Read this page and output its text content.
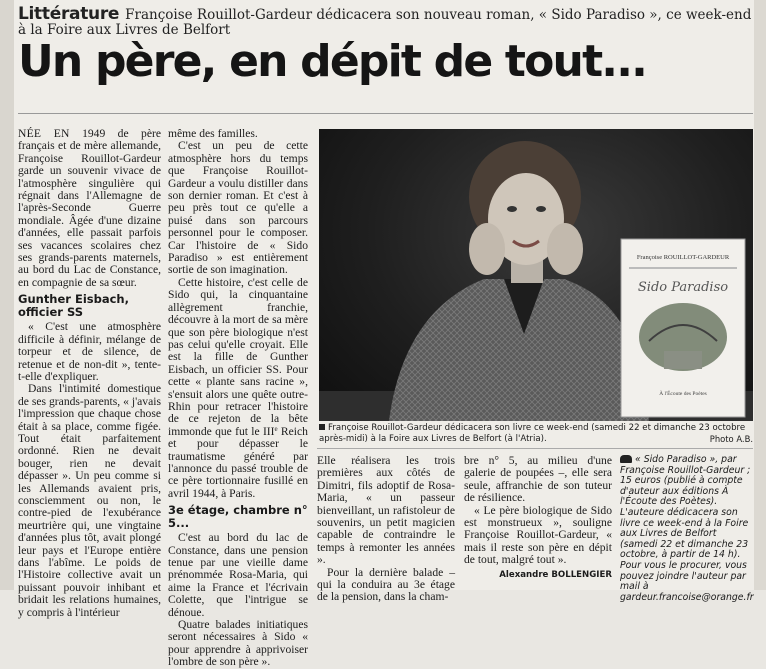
Littérature Françoise Rouillot-Gardeur dédicacera son nouveau roman, « Sido Paradiso », ce week-end
à la Foire aux Livres de Belfort
Un père, en dépit de tout...

NÉE EN 1949 de père français et de mère allemande, Françoise Rouillot-Gardeur garde un souvenir vivace de l'atmosphère singulière qui régnait dans l'Allemagne de l'après-Seconde Guerre mondiale. Âgée d'une dizaine d'années, elle passait parfois ses vacances scolaires chez ses grands-parents maternels, au bord du Lac de Constance, en compagnie de sa sœur.

Gunther Eisbach, officier SS

« C'est une atmosphère difficile à définir, mélange de torpeur et de silence, de retenue et de non-dit », tente-t-elle d'expliquer.

Dans l'intimité domestique de ses grands-parents, « j'avais l'impression que chaque chose était à sa place, comme figée. Tout était parfaitement ordonné. Rien ne devait bouger, rien ne devait dépasser ». Un peu comme si les Allemands avaient pris, consciemment ou non, le contre-pied de l'exubérance meurtrière qui, une vingtaine d'années plus tôt, avait plongé leur pays et l'Europe entière dans l'abîme. Le poids de l'Histoire collective avait un puissant pouvoir inhibant et bridait les relations humaines, y compris à l'intérieur

même des familles.

C'est un peu de cette atmosphère hors du temps que Françoise Rouillot-Gardeur a voulu distiller dans son dernier roman. Et c'est à peu près tout ce qu'elle a puisé dans son parcours personnel pour le composer. Car l'histoire de « Sido Paradiso » est entièrement sortie de son imagination.

Cette histoire, c'est celle de Sido qui, la cinquantaine allègrement franchie, découvre à la mort de sa mère que son père biologique n'est pas celui qu'elle croyait. Elle est la fille de Gunther Eisbach, un officier SS. Pour cette « plante sans racine », s'ensuit alors une quête outre-Rhin pour retracer l'histoire de ce rejeton de la bête immonde que fut le IIIe Reich et pour dépasser le traumatisme généré par l'annonce du passé trouble de ce père tortionnaire fusillé en avril 1944, à Paris.

3e étage, chambre n° 5...

C'est au bord du lac de Constance, dans une pension tenue par une vieille dame prénommée Rosa-Maria, qui aime la France et l'écrivain Colette, que l'intrigue se dénoue.

Quatre balades initiatiques seront nécessaires à Sido « pour apprendre à apprivoiser l'ombre de son père ».

Françoise ROUILLOT-GARDEUR
Sido Paradiso
À l'Écoute des Poètes
Françoise Rouillot-Gardeur dédicacera son livre ce week-end (samedi 22 et dimanche 23 octobre après-midi) à la Foire aux Livres de Belfort (à l'Atria).	Photo A.B.

Elle réalisera les trois premières aux côtés de Dimitri, fils adoptif de Rosa-Maria, « un passeur bienveillant, un rafistoleur de souvenirs, un petit magicien capable de contraindre le temps à remonter les années ».

Pour la dernière balade – qui la conduira au 3e étage de la pension, dans la cham-

bre n° 5, au milieu d'une galerie de poupées –, elle sera seule, affranchie de son tuteur de résilience.

« Le père biologique de Sido est monstrueux », souligne Françoise Rouillot-Gardeur, « mais il reste son père en dépit de tout, malgré tout ».

Alexandre BOLLENGIER
« Sido Paradiso », par Françoise Rouillot-Gardeur ; 15 euros (publié à compte d'auteur aux éditions À l'Écoute des Poètes).
L'auteure dédicacera son livre ce week-end à la Foire aux Livres de Belfort (samedi 22 et dimanche 23 octobre, à partir de 14 h).
Pour vous le procurer, vous pouvez joindre l'auteur par mail à gardeur.francoise@orange.fr
